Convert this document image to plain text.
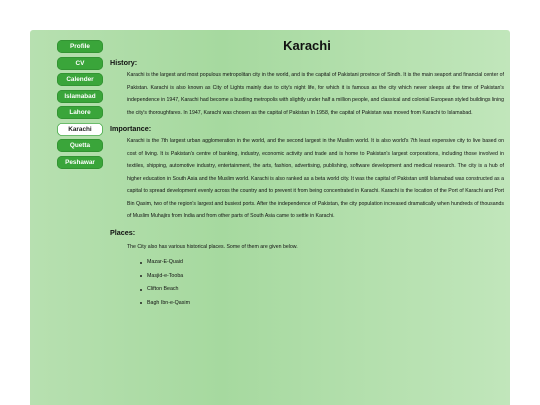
Profile
CV
Calender
Islamabad
Lahore
Karachi
Quetta
Peshawar
Karachi
History:

Karachi is the largest and most populous metropolitan city in the world, and is the capital of Pakistani province of Sindh. It is the main seaport and financial center of Pakistan. Karachi is also known as City of Lights mainly due to city's night life, for which it is famous as the city which never sleeps at the time of Pakistan's independence in 1947, Karachi had become a bustling metropolis with slightly under half a million people, and classical and colonial European styled buildings lining the city's thoroughfares. In 1947, Karachi was chosen as the capital of Pakistan In 1958, the capital of Pakistan was moved from Karachi to Islamabad.

Importance:

Karachi is the 7th largest urban agglomeration in the world, and the second largest in the Muslim world. It is also world's 7th least expensive city to live based on cost of living. It is Pakistan's centre of banking, industry, economic activity and trade and is home to Pakistan's largest corporations, including those involved in textiles, shipping, automotive industry, entertainment, the arts, fashion, advertising, publishing, software development and medical research. The city is a hub of higher education in South Asia and the Muslim world. Karachi is also ranked as a beta world city. It was the capital of Pakistan until Islamabad was constructed as a capital to spread development evenly across the country and to prevent it from being concentrated in Karachi. Karachi is the location of the Port of Karachi and Port Bin Qasim, two of the region's largest and busiest ports. After the independence of Pakistan, the city population increased dramatically when hundreds of thousands of Muslim Muhajirs from India and from other parts of South Asia came to settle in Karachi.

Places:

The City also has various historical places. Some of them are given below.

Mazar-E-Quaid
Masjid-e-Tooba
Clifton Beach
Bagh Ibn-e-Qasim
